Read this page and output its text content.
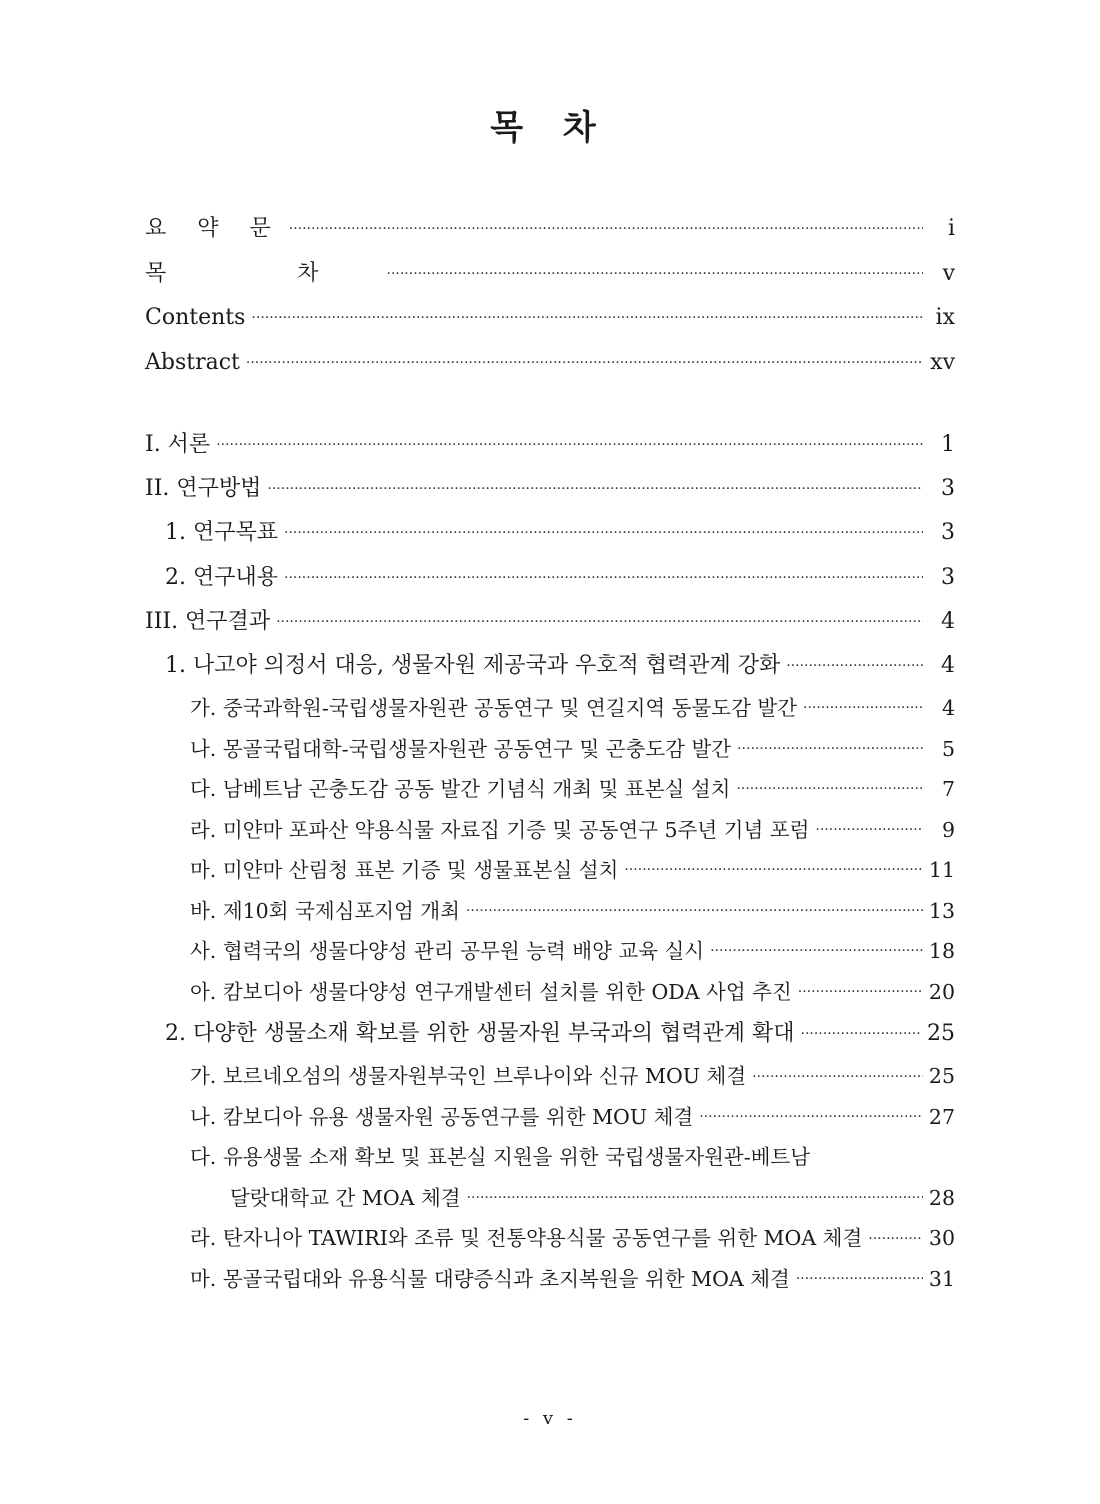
목 차
요 약 문 ·····	i
목 차 ·····	v
Contents ·····	ix
Abstract ·····	xv
I. 서론 ·····	1
II. 연구방법 ·····	3
1. 연구목표 ·····	3
2. 연구내용 ·····	3
III. 연구결과 ·····	4
1. 나고야 의정서 대응, 생물자원 제공국과 우호적 협력관계 강화 ·····	4
가. 중국과학원-국립생물자원관 공동연구 및 연길지역 동물도감 발간 ·····	4
나. 몽골국립대학-국립생물자원관 공동연구 및 곤충도감 발간 ·····	5
다. 남베트남 곤충도감 공동 발간 기념식 개최 및 표본실 설치 ·····	7
라. 미얀마 포파산 약용식물 자료집 기증 및 공동연구 5주년 기념 포럼 ·····	9
마. 미얀마 산림청 표본 기증 및 생물표본실 설치 ·····	11
바. 제10회 국제심포지엄 개최 ·····	13
사. 협력국의 생물다양성 관리 공무원 능력 배양 교육 실시 ·····	18
아. 캄보디아 생물다양성 연구개발센터 설치를 위한 ODA 사업 추진 ·····	20
2. 다양한 생물소재 확보를 위한 생물자원 부국과의 협력관계 확대 ·····	25
가. 보르네오섬의 생물자원부국인 브루나이와 신규 MOU 체결 ·····	25
나. 캄보디아 유용 생물자원 공동연구를 위한 MOU 체결 ·····	27
다. 유용생물 소재 확보 및 표본실 지원을 위한 국립생물자원관-베트남
달랏대학교 간 MOA 체결 ·····	28
라. 탄자니아 TAWIRI와 조류 및 전통약용식물 공동연구를 위한 MOA 체결 ·····	30
마. 몽골국립대와 유용식물 대량증식과 초지복원을 위한 MOA 체결 ·····	31

- v -
